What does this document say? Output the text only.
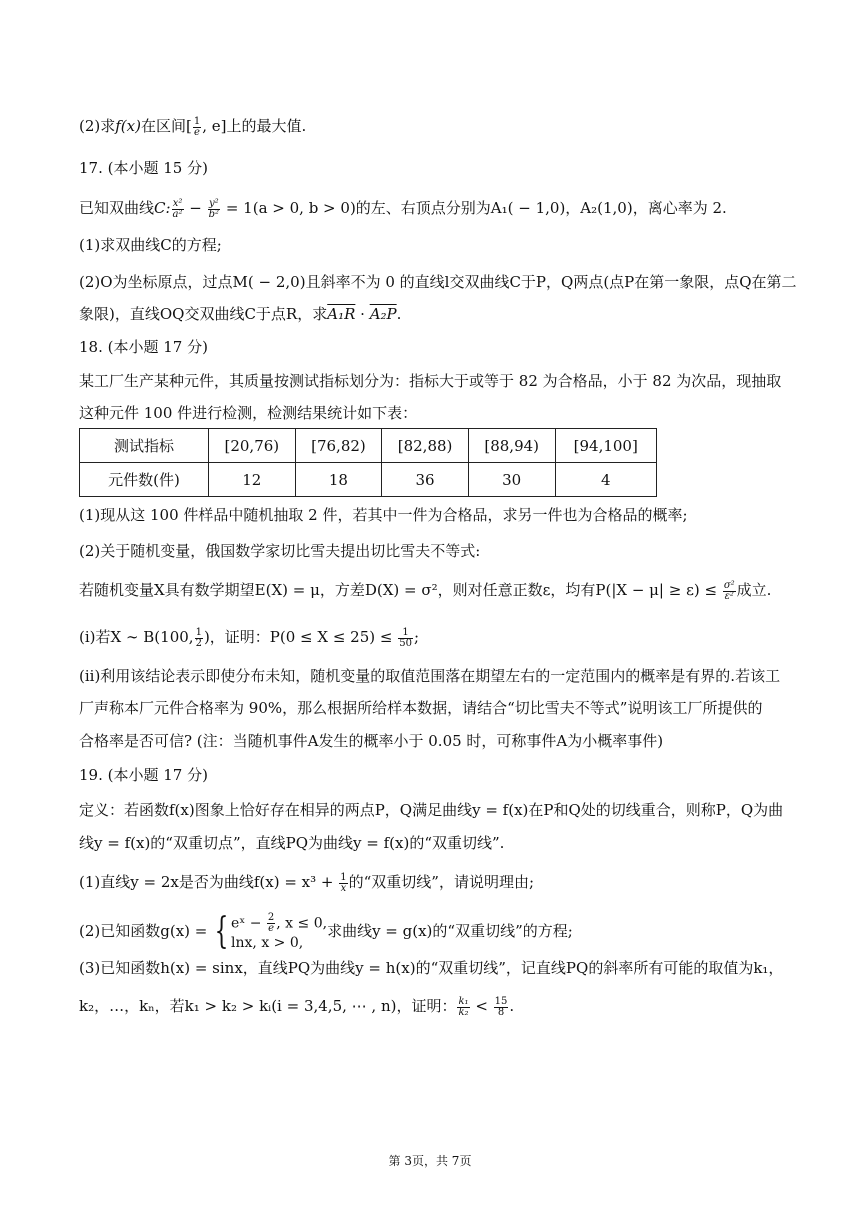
(2)求f(x)在区间[ $\frac{1}{e}$ , e]上的最大值.
17. (本小题 15 分)
已知双曲线C: $\frac{\text{x²}}{\text{a²}} - \frac{\text{y²}}{\text{b²}} = 1(a > 0$, b > 0)的左、右顶点分别为A₁( − 1,0)，A₂(1,0)，离心率为 2.
(1)求双曲线C的方程;
(2)O为坐标原点，过点M( − 2,0)且斜率不为 0 的直线l交双曲线C于P，Q两点(点P在第一象限，点Q在第二
象限)，直线OQ交双曲线C于点R，求A₁R · A₂P.
18. (本小题 17 分)
某工厂生产某种元件，其质量按测试指标划分为：指标大于或等于 82 为合格品，小于 82 为次品，现抽取
这种元件 100 件进行检测，检测结果统计如下表：
测试指标	[20,76)	[76,82)	[82,88)	[88,94)	[94,100]
元件数(件)	12	18	36	30	4
(1)现从这 100 件样品中随机抽取 2 件，若其中一件为合格品，求另一件也为合格品的概率;
(2)关于随机变量，俄国数学家切比雪夫提出切比雪夫不等式:
若随机变量X具有数学期望E(X) = μ，方差D(X) = σ²，则对任意正数ε，均有$P(|X - \mu| \ge \varepsilon) \le \frac{\text{σ²}}{\text{ε²}}$ 成立.
(i)若X ∼ B(100, $\frac{1}{2}$ )，证明：$P(0 \le X \le 25) \le \frac{1}{50}$ ;
(ii)利用该结论表示即使分布未知，随机变量的取值范围落在期望左右的一定范围内的概率是有界的.若该工
厂声称本厂元件合格率为 90%，那么根据所给样本数据，请结合“切比雪夫不等式”说明该工厂所提供的
合格率是否可信? (注：当随机事件A发生的概率小于 0.05 时，可称事件A为小概率事件)
19. (本小题 17 分)
定义：若函数f(x)图象上恰好存在相异的两点P，Q满足曲线y = f(x)在P和Q处的切线重合，则称P，Q为曲
线y = f(x)的“双重切点”，直线PQ为曲线y = f(x)的“双重切线”.
(1)直线y = 2x是否为曲线$f(x) = x^3 + \frac{1}{x}$ 的“双重切线”，请说明理由;
(2)已知函数g(x) = { eˣ − $\frac{2}{e}$ , x ≤ 0,
lnx, x > 0,
求曲线y = g(x)的“双重切线”的方程;
(3)已知函数h(x) = sinx，直线PQ为曲线y = h(x)的“双重切线”，记直线PQ的斜率所有可能的取值为k₁，
k₂，…，kₙ，若k₁ > k₂ > kᵢ(i = 3,4,5, ⋯ , n)，证明： $\frac{\text{k₁}}{\text{k₂}} < \frac{15}{8}$ .
第 3页，共 7页
